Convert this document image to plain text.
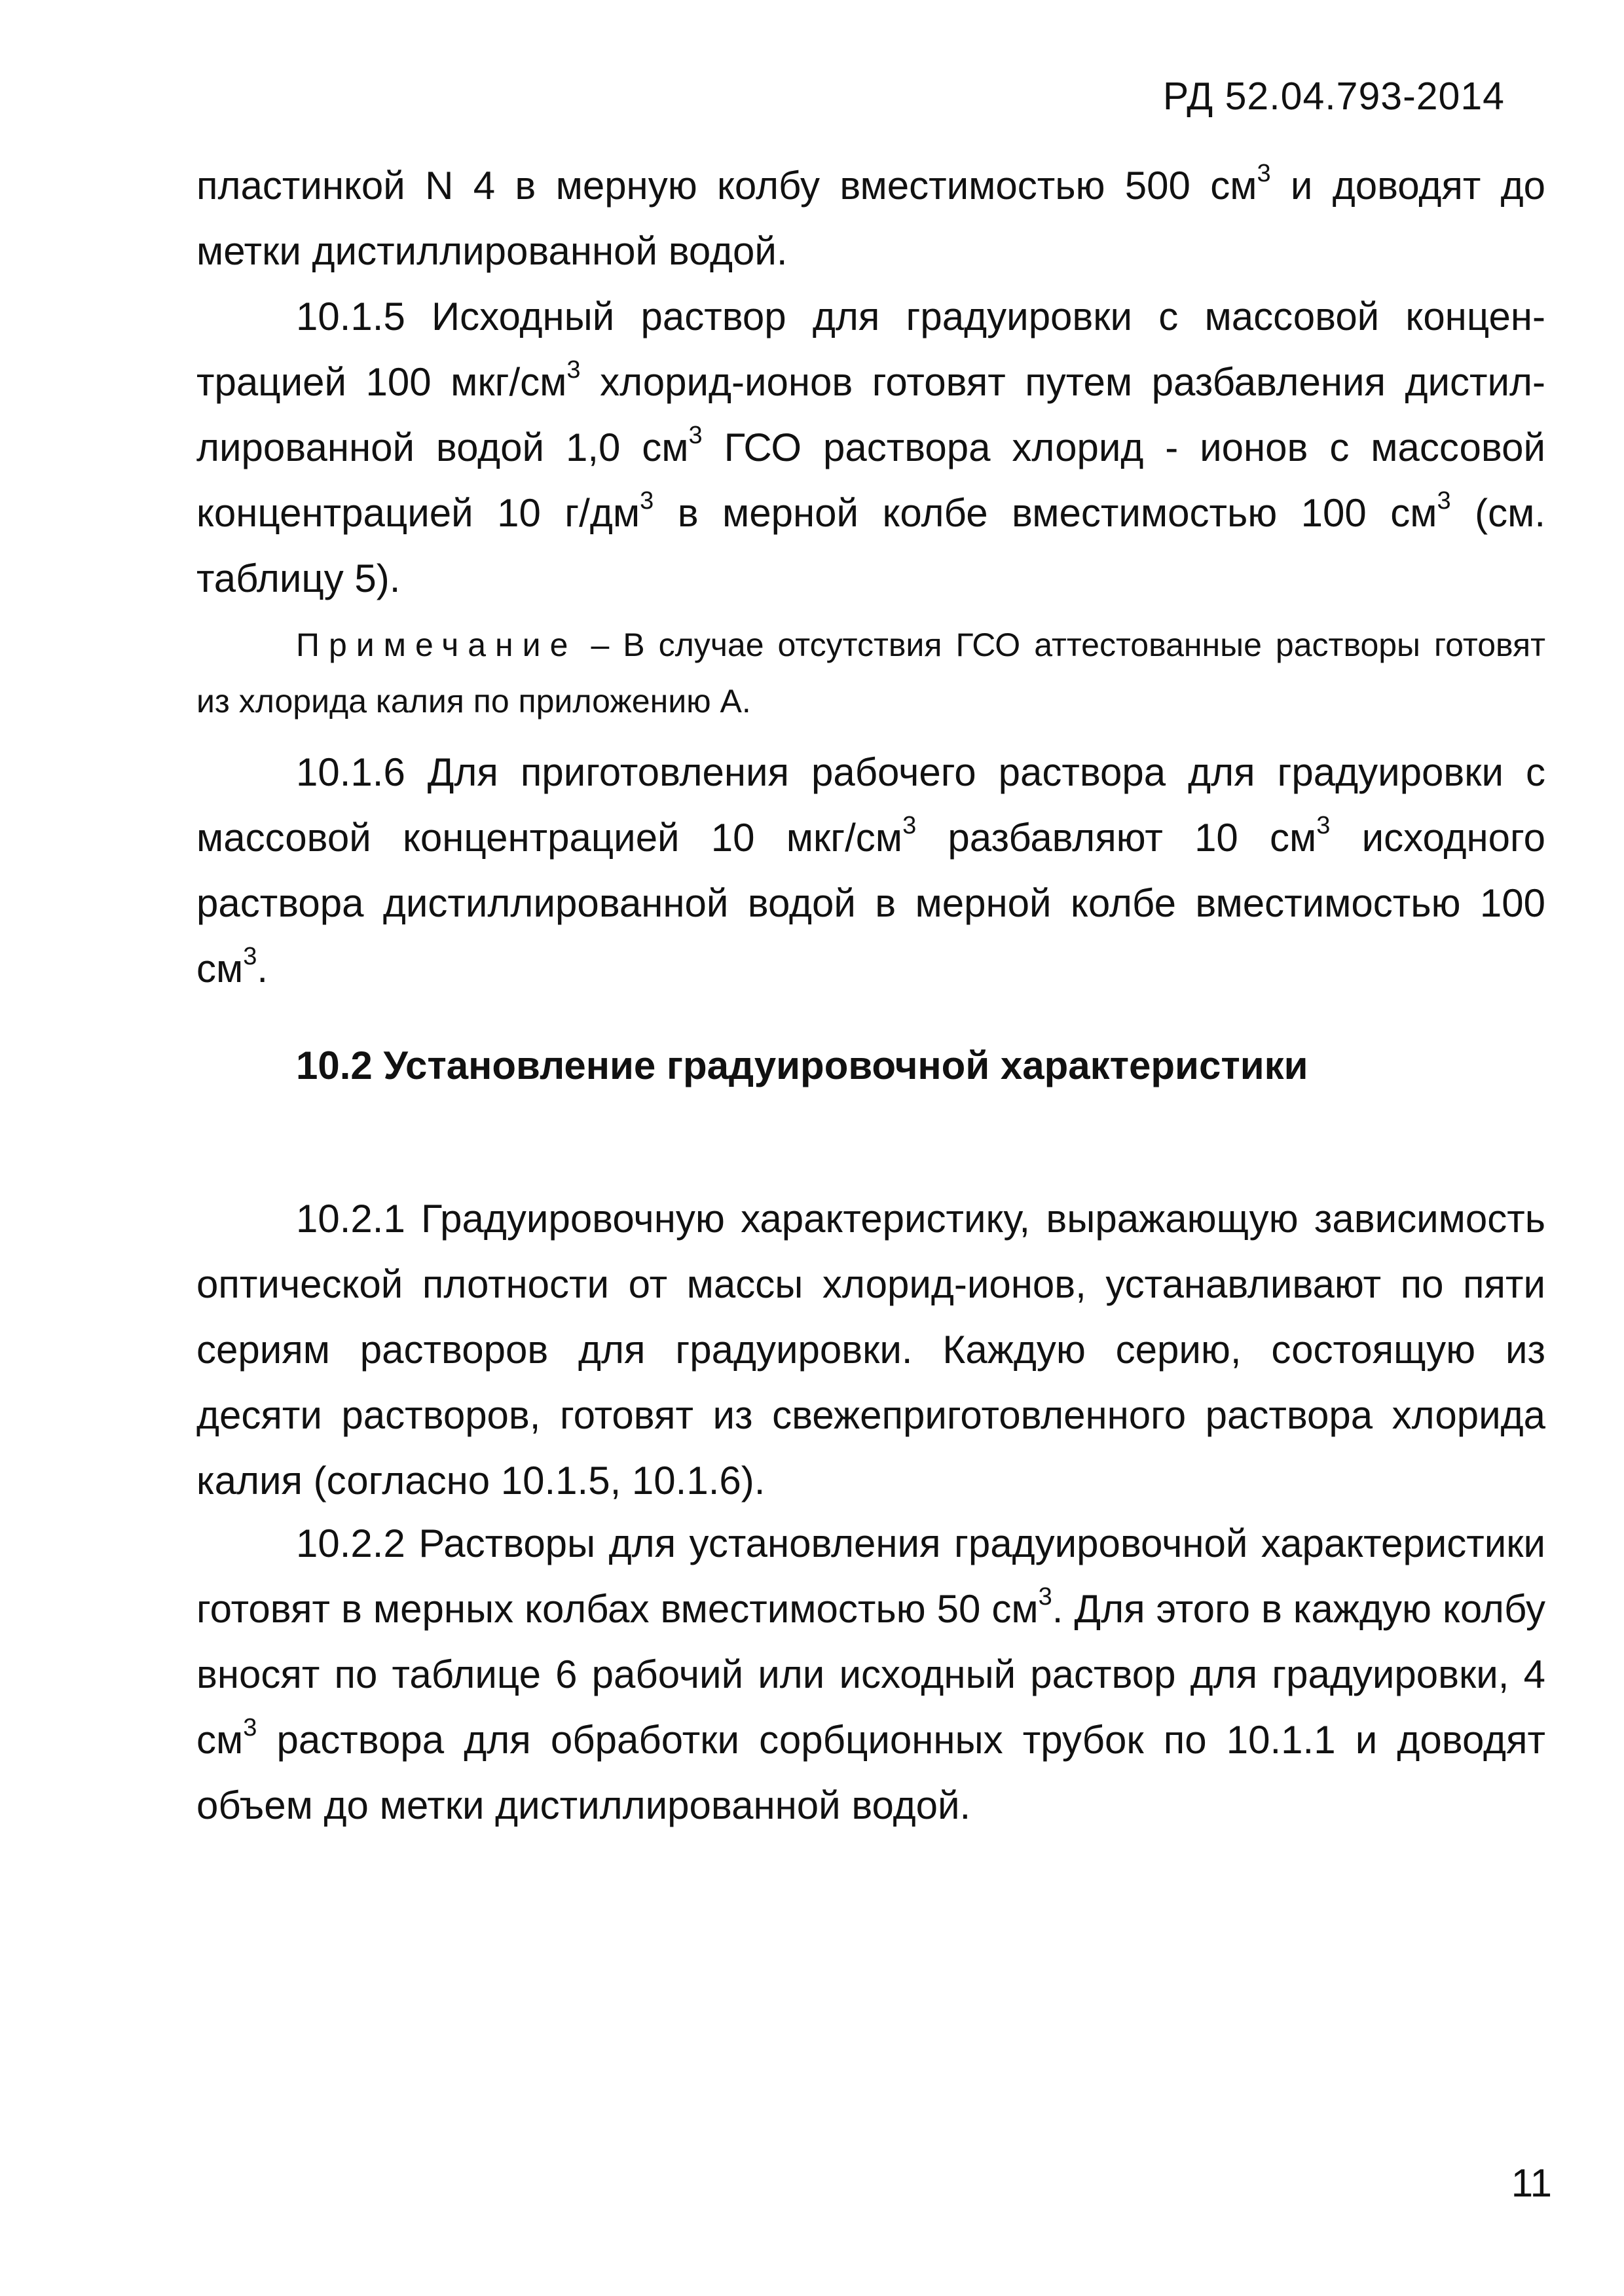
РД 52.04.793-2014

пластинкой N 4 в мерную колбу вместимостью 500 $см^3$ и доводят до метки дистиллированной водой.

10.1.5 Исходный раствор для градуировки с массовой концентрацией 100 мкг/$см^3$ хлорид-ионов готовят путем разбавления дистиллированной водой 1,0 $см^3$ ГСО раствора хлорид - ионов с массовой концентрацией 10 $г/дм^3$ в мерной колбе вместимостью 100 $см^3$ (см. таблицу 5).

Примечание – В случае отсутствия ГСО аттестованные растворы готовят из хлорида калия по приложению А.

10.1.6 Для приготовления рабочего раствора для градуировки с массовой концентрацией 10 мкг/$см^3$ разбавляют 10 $см^3$ исходного раствора дистиллированной водой в мерной колбе вместимостью 100 $см^3$.

10.2 Установление градуировочной характеристики

10.2.1 Градуировочную характеристику, выражающую зависимость оптической плотности от массы хлорид-ионов, устанавливают по пяти сериям растворов для градуировки. Каждую серию, состоящую из десяти растворов, готовят из свежеприготовленного раствора хлорида калия (согласно 10.1.5, 10.1.6).

10.2.2 Растворы для установления градуировочной характеристики готовят в мерных колбах вместимостью 50 $см^3$. Для этого в каждую колбу вносят по таблице 6 рабочий или исходный раствор для градуировки, 4 $см^3$ раствора для обработки сорбционных трубок по 10.1.1 и доводят объем до метки дистиллированной водой.

11
